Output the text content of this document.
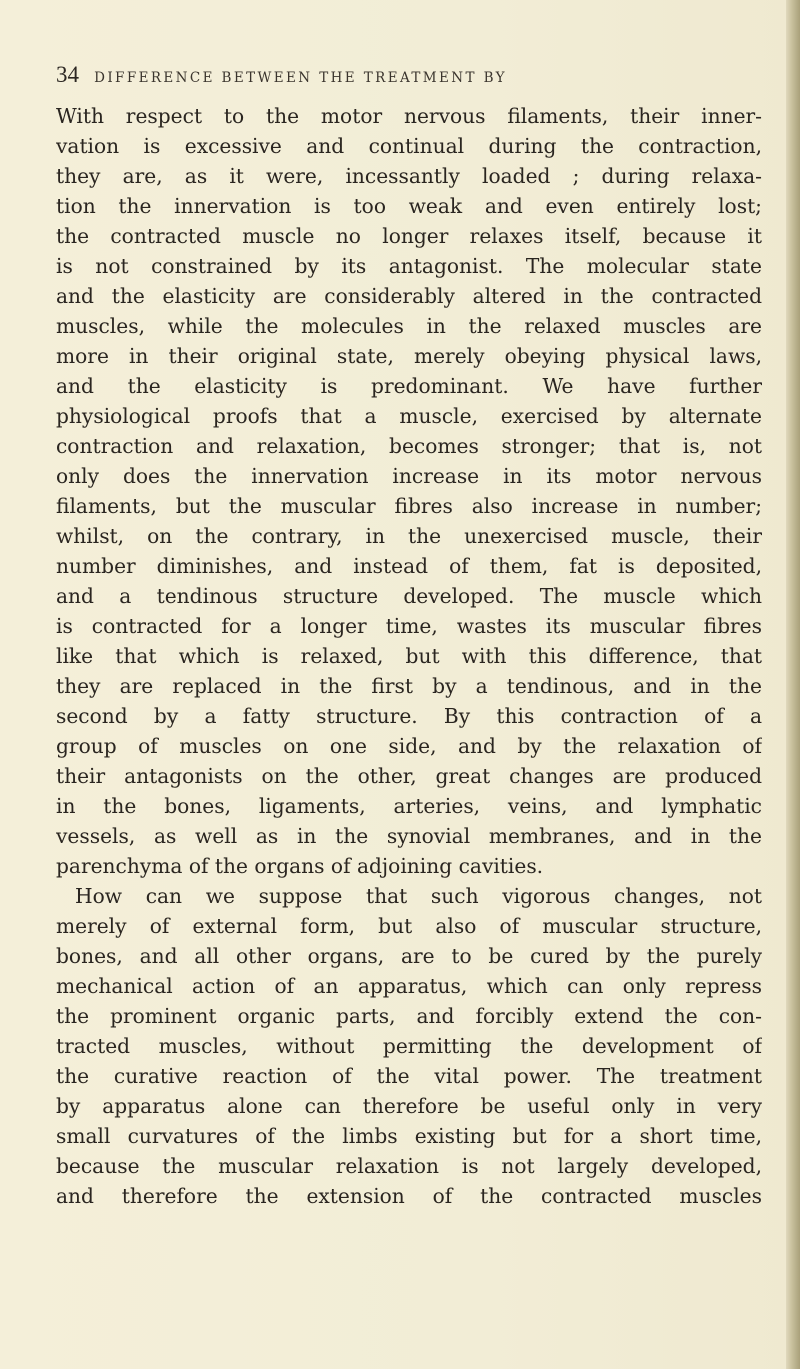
34 DIFFERENCE BETWEEN THE TREATMENT BY
With respect to the motor nervous filaments, their inner-
vation is excessive and continual during the contraction,
they are, as it were, incessantly loaded ; during relaxa-
tion the innervation is too weak and even entirely lost;
the contracted muscle no longer relaxes itself, because it
is not constrained by its antagonist. The molecular state
and the elasticity are considerably altered in the contracted
muscles, while the molecules in the relaxed muscles are
more in their original state, merely obeying physical laws,
and the elasticity is predominant. We have further
physiological proofs that a muscle, exercised by alternate
contraction and relaxation, becomes stronger; that is, not
only does the innervation increase in its motor nervous
filaments, but the muscular fibres also increase in number;
whilst, on the contrary, in the unexercised muscle, their
number diminishes, and instead of them, fat is deposited,
and a tendinous structure developed. The muscle which
is contracted for a longer time, wastes its muscular fibres
like that which is relaxed, but with this difference, that
they are replaced in the first by a tendinous, and in the
second by a fatty structure. By this contraction of a
group of muscles on one side, and by the relaxation of
their antagonists on the other, great changes are produced
in the bones, ligaments, arteries, veins, and lymphatic
vessels, as well as in the synovial membranes, and in the
parenchyma of the organs of adjoining cavities.
How can we suppose that such vigorous changes, not
merely of external form, but also of muscular structure,
bones, and all other organs, are to be cured by the purely
mechanical action of an apparatus, which can only repress
the prominent organic parts, and forcibly extend the con-
tracted muscles, without permitting the development of
the curative reaction of the vital power. The treatment
by apparatus alone can therefore be useful only in very
small curvatures of the limbs existing but for a short time,
because the muscular relaxation is not largely developed,
and therefore the extension of the contracted muscles
